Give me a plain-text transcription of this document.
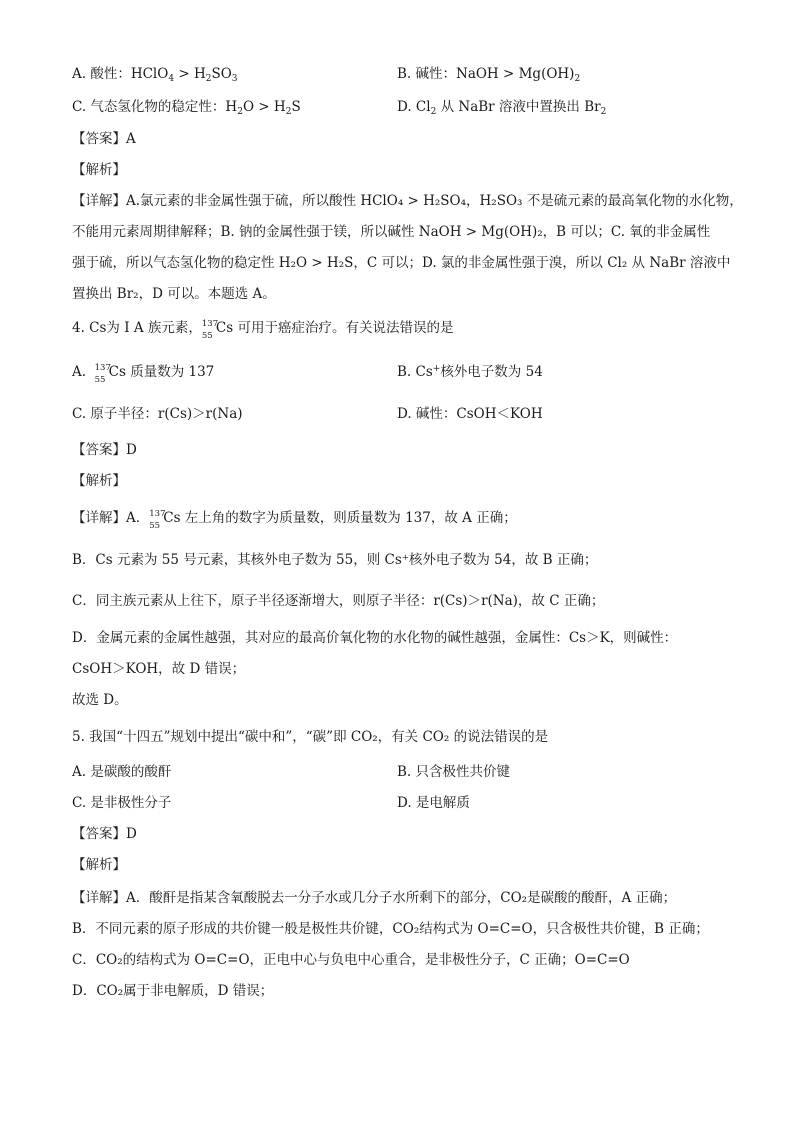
A. 酸性：HClO$_4$ > $H_2SO_3$	B. 碱性：NaOH > $Mg(OH)_2$
C. 气态氢化物的稳定性：$H_2O > H_2S$	D. $Cl_2$ 从 NaBr 溶液中置换出 $Br_2$
【答案】A
【解析】
【详解】A.氯元素的非金属性强于硫，所以酸性 HClO₄ > H₂SO₄，H₂SO₃ 不是硫元素的最高氧化物的水化物，
不能用元素周期律解释；B. 钠的金属性强于镁，所以碱性 NaOH > Mg(OH)₂，B 可以；C. 氧的非金属性
强于硫，所以气态氢化物的稳定性 H₂O > H₂S，C 可以；D. 氯的非金属性强于溴，所以 Cl₂ 从 NaBr 溶液中
置换出 Br₂，D 可以。本题选 A。
4. Cs为 I A 族元素， 137
55 Cs 可用于癌症治疗。有关说法错误的是
A. 137
55 Cs 质量数为 137	B. Cs+核外电子数为 54
C. 原子半径：r(Cs)＞r(Na)	D. 碱性：CsOH＜KOH
【答案】D
【解析】
【详解】A． 137
55 Cs 左上角的数字为质量数，则质量数为 137，故 A 正确；
B．Cs 元素为 55 号元素，其核外电子数为 55，则 Cs⁺核外电子数为 54，故 B 正确；
C．同主族元素从上往下，原子半径逐渐增大，则原子半径：r(Cs)＞r(Na)，故 C 正确；
D．金属元素的金属性越强，其对应的最高价氧化物的水化物的碱性越强，金属性：Cs＞K，则碱性：
CsOH＞KOH，故 D 错误；
故选 D。
5. 我国“十四五”规划中提出“碳中和”，“碳”即 CO₂，有关 CO₂ 的说法错误的是
A. 是碳酸的酸酐	B. 只含极性共价键
C. 是非极性分子	D. 是电解质
【答案】D
【解析】
【详解】A．酸酐是指某含氧酸脱去一分子水或几分子水所剩下的部分，CO₂是碳酸的酸酐，A 正确；
B．不同元素的原子形成的共价键一般是极性共价键，CO₂结构式为 O=C=O，只含极性共价键，B 正确；
C．CO₂的结构式为 O=C=O，正电中心与负电中心重合，是非极性分子，C 正确；O=C=O
D．CO₂属于非电解质，D 错误；
